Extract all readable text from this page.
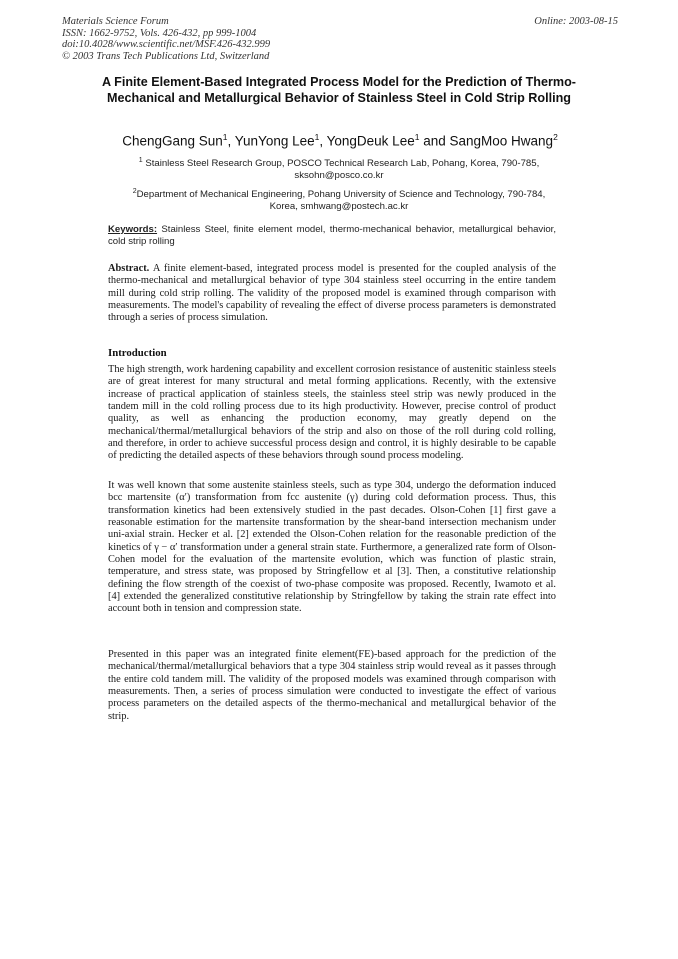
Materials Science Forum
ISSN: 1662-9752, Vols. 426-432, pp 999-1004
doi:10.4028/www.scientific.net/MSF.426-432.999
© 2003 Trans Tech Publications Ltd, Switzerland
Online: 2003-08-15
A Finite Element-Based Integrated Process Model for the Prediction of Thermo-Mechanical and Metallurgical Behavior of Stainless Steel in Cold Strip Rolling
ChengGang Sun$^1$, YunYong Lee$^1$, YongDeuk Lee$^1$ and SangMoo Hwang$^2$
$^1$ Stainless Steel Research Group, POSCO Technical Research Lab, Pohang, Korea, 790-785,
sksohn@posco.co.kr
$^2$Department of Mechanical Engineering, Pohang University of Science and Technology, 790-784,
Korea, smhwang@postech.ac.kr
Keywords: Stainless Steel, finite element model, thermo-mechanical behavior, metallurgical behavior, cold strip rolling
Abstract. A finite element-based, integrated process model is presented for the coupled analysis of the thermo-mechanical and metallurgical behavior of type 304 stainless steel occurring in the entire tandem mill during cold strip rolling. The validity of the proposed model is examined through comparison with measurements. The model's capability of revealing the effect of diverse process parameters is demonstrated through a series of process simulation.
Introduction
The high strength, work hardening capability and excellent corrosion resistance of austenitic stainless steels are of great interest for many structural and metal forming applications. Recently, with the extensive increase of practical application of stainless steels, the stainless steel strip was newly produced in the tandem mill in the cold rolling process due to its high productivity. However, precise control of product quality, as well as enhancing the production economy, may greatly depend on the mechanical/thermal/metallurgical behaviors of the strip and also on those of the roll during cold rolling, and therefore, in order to achieve successful process design and control, it is highly desirable to be capable of predicting the detailed aspects of these behaviors through sound process modeling.
It was well known that some austenite stainless steels, such as type 304, undergo the deformation induced bcc martensite (α′) transformation from fcc austenite (γ) during cold deformation process. Thus, this transformation kinetics had been extensively studied in the past decades. Olson-Cohen [1] first gave a reasonable estimation for the martensite transformation by the shear-band intersection mechanism under uni-axial strain. Hecker et al. [2] extended the Olson-Cohen relation for the reasonable prediction of the kinetics of γ − α′ transformation under a general strain state. Furthermore, a generalized rate form of Olson-Cohen model for the evaluation of the martensite evolution, which was function of plastic strain, temperature, and stress state, was proposed by Stringfellow et al [3]. Then, a constitutive relationship defining the flow strength of the coexist of two-phase composite was proposed. Recently, Iwamoto et al. [4] extended the generalized constitutive relationship by Stringfellow by taking the strain rate effect into account both in tension and compression state.
Presented in this paper was an integrated finite element(FE)-based approach for the prediction of the mechanical/thermal/metallurgical behaviors that a type 304 stainless strip would reveal as it passes through the entire cold tandem mill. The validity of the proposed models was examined through comparison with measurements. Then, a series of process simulation were conducted to investigate the effect of various process parameters on the detailed aspects of the thermo-mechanical and metallurgical behavior of the strip.
